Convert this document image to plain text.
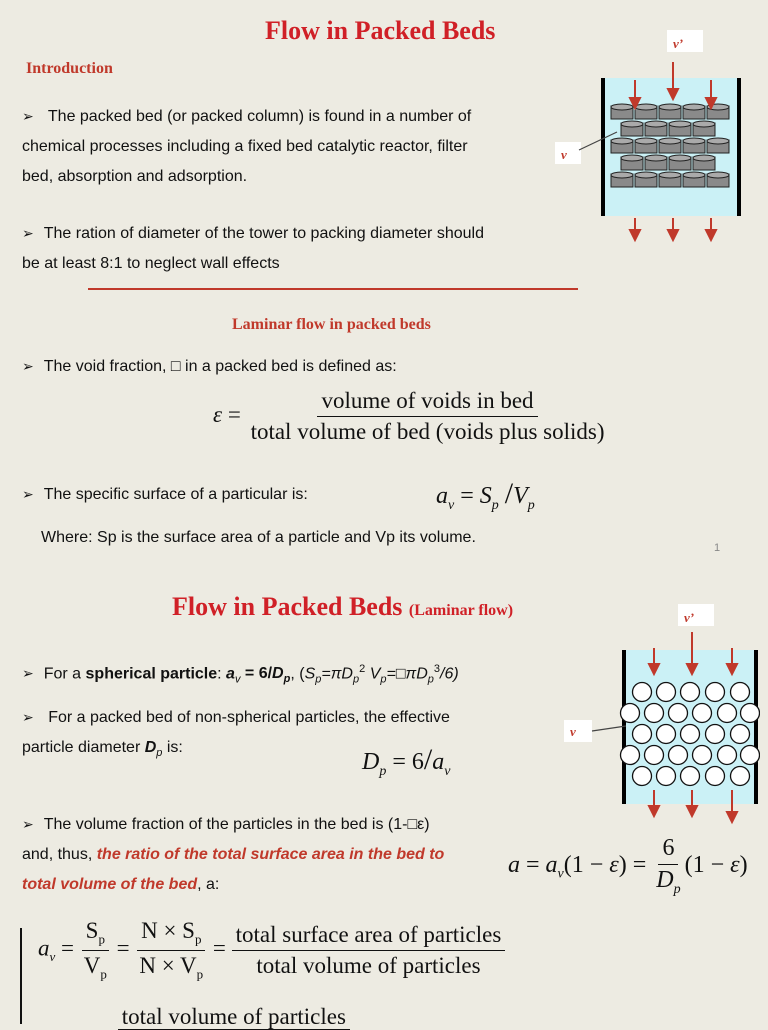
Flow in Packed Beds
Introduction
➢ The packed bed (or packed column) is found in a number of
chemical processes including a fixed bed catalytic reactor, filter
bed, absorption and adsorption.
➢ The ration of diameter of the tower to packing diameter should
be at least 8:1 to neglect wall effects
Laminar flow in packed beds
➢ The void fraction, □ in a packed bed is defined as:
$\varepsilon = \frac{\text{volume of voids in bed}}{\text{total volume of bed (voids plus solids)}}$
➢ The specific surface of a particular is:	$a_v = S_p$ $/V_p$
Where: Sp is the surface area of a particle and Vp its volume.
1
v’
v
Flow in Packed Beds (Laminar flow)
➢ For a spherical particle: $a_v = 6/D_p$, ($S_p=\pi D_p^2$ $V_p=□\pi D_p^3/6$)
➢ For a packed bed of non-spherical particles, the effective
particle diameter $D_p$ is:
$D_p = 6/a_v$
➢ The volume fraction of the particles in the bed is (1-□ε)
and, thus, the ratio of the total surface area in the bed to
total volume of the bed, a:
$a = a_v(1 - \varepsilon) = \frac{6}{D_p} (1 - \varepsilon)$
$a_v = \frac{S_p}{V_p} = \frac{N \times S_p}{N \times V_p} = \frac{\text{total surface area of particles}}{\text{total volume of particles}}$
total volume of particles
v’
v
